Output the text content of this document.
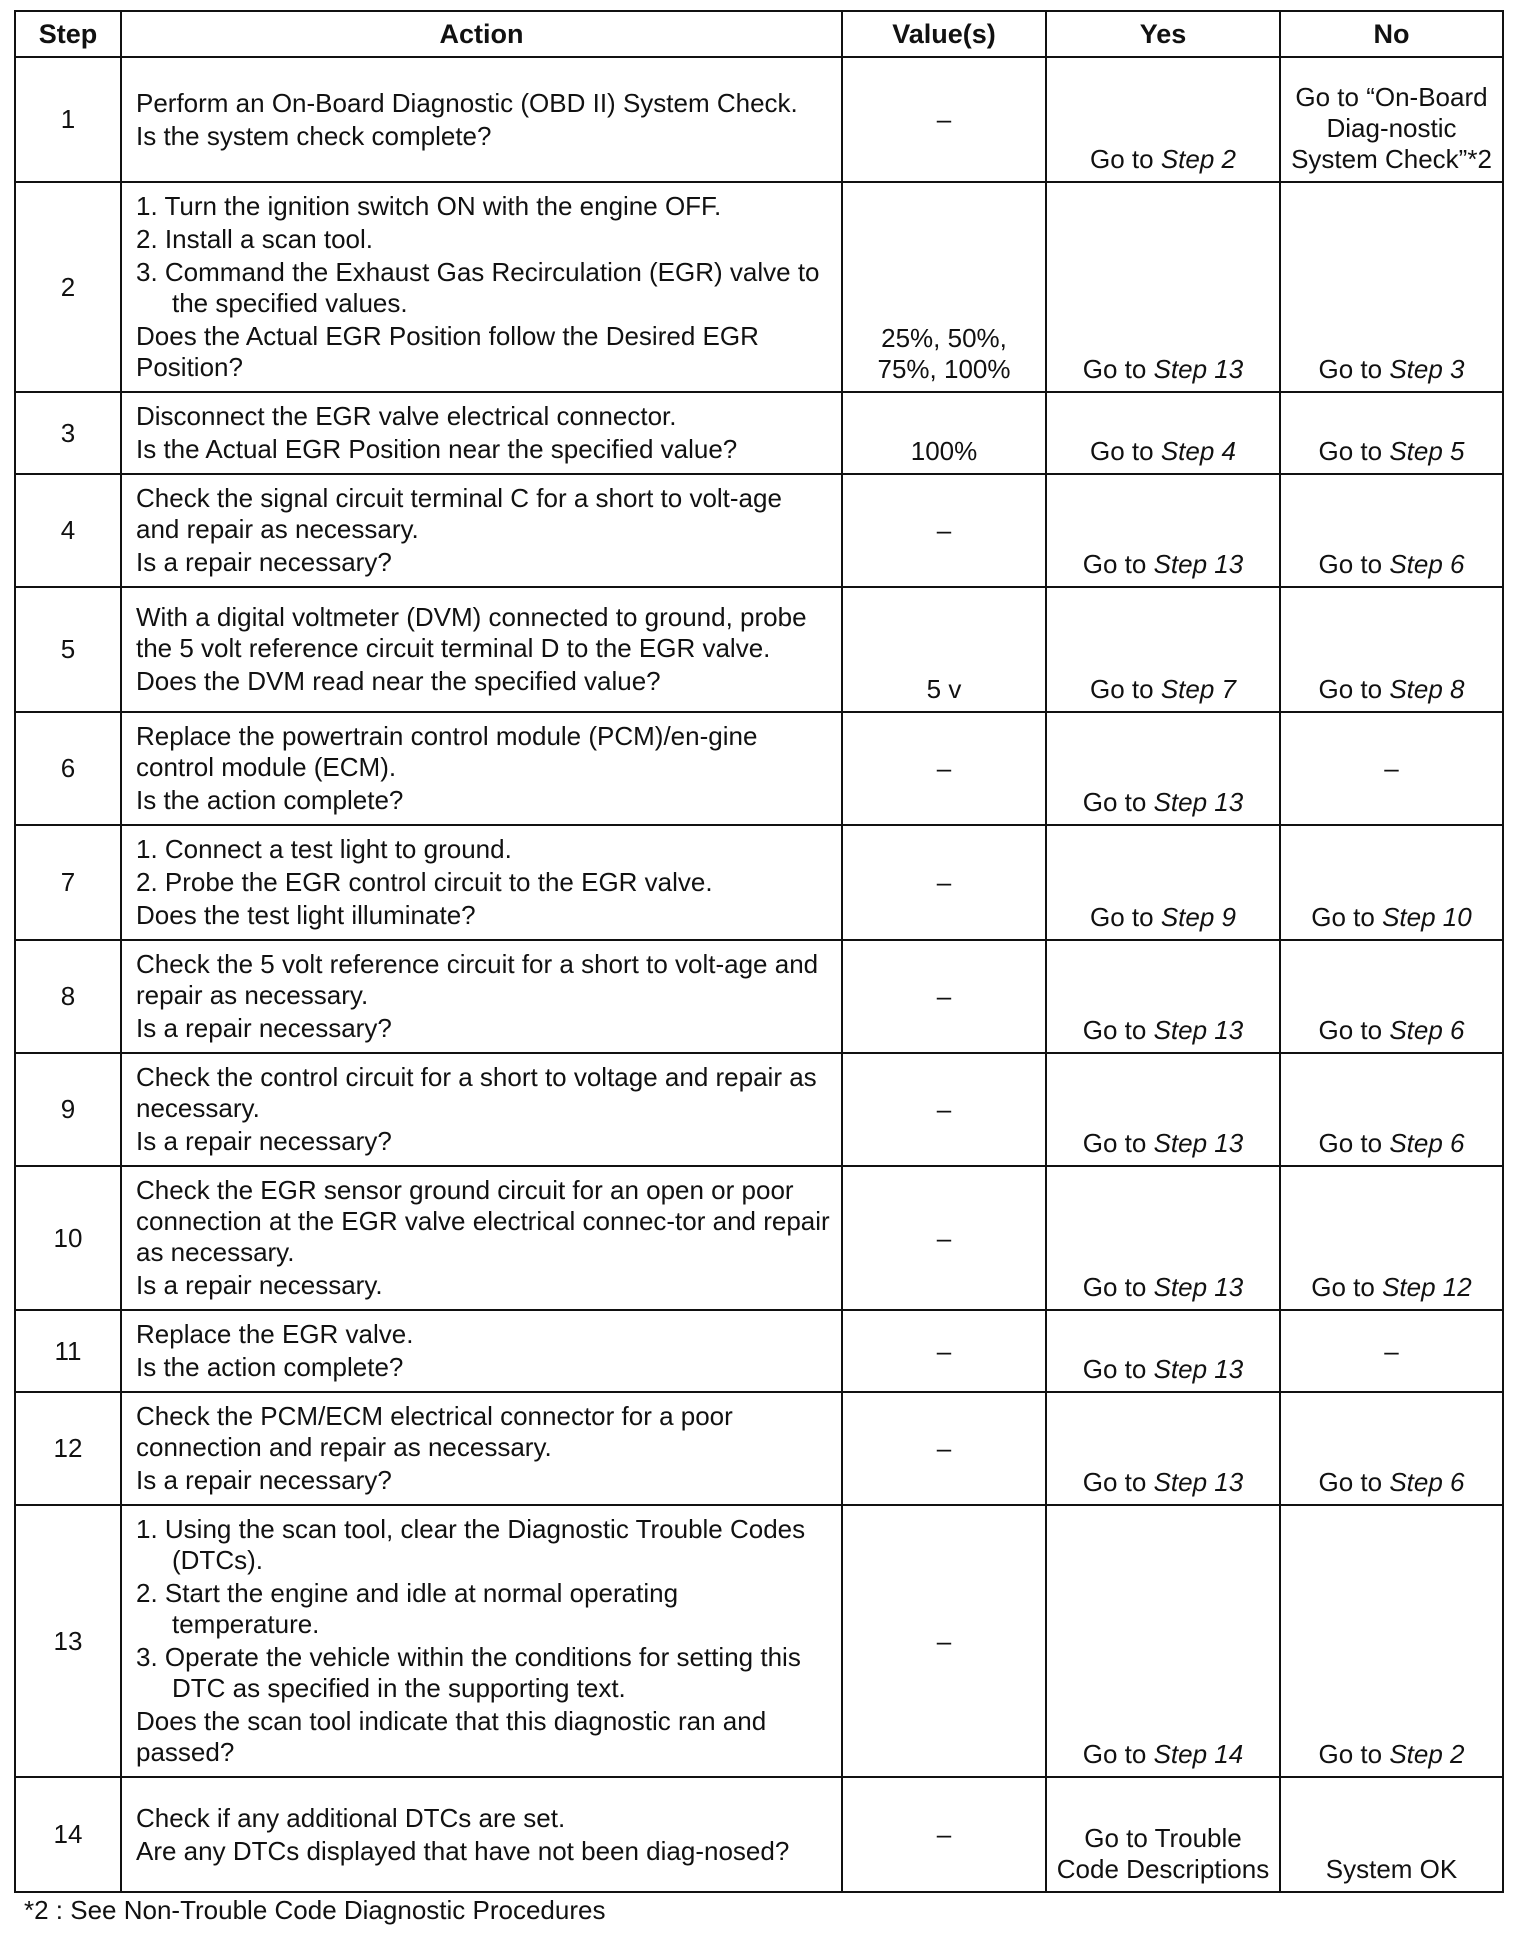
Step	Action	Value(s)	Yes	No
1	Perform an On-Board Diagnostic (OBD II) System Check.
Is the system check complete?	–	Go to Step 2	Go to “On-Board Diag-nostic System Check”*2
2	1. Turn the ignition switch ON with the engine OFF.
2. Install a scan tool.
3. Command the Exhaust Gas Recirculation (EGR) valve to the specified values.
Does the Actual EGR Position follow the Desired EGR Position?	25%, 50%, 75%, 100%	Go to Step 13	Go to Step 3
3	Disconnect the EGR valve electrical connector.
Is the Actual EGR Position near the specified value?	100%	Go to Step 4	Go to Step 5
4	Check the signal circuit terminal C for a short to volt-age and repair as necessary.
Is a repair necessary?	–	Go to Step 13	Go to Step 6
5	With a digital voltmeter (DVM) connected to ground, probe the 5 volt reference circuit terminal D to the EGR valve.
Does the DVM read near the specified value?	5 v	Go to Step 7	Go to Step 8
6	Replace the powertrain control module (PCM)/en-gine control module (ECM).
Is the action complete?	–	Go to Step 13	–
7	1. Connect a test light to ground.
2. Probe the EGR control circuit to the EGR valve.
Does the test light illuminate?	–	Go to Step 9	Go to Step 10
8	Check the 5 volt reference circuit for a short to volt-age and repair as necessary.
Is a repair necessary?	–	Go to Step 13	Go to Step 6
9	Check the control circuit for a short to voltage and repair as necessary.
Is a repair necessary?	–	Go to Step 13	Go to Step 6
10	Check the EGR sensor ground circuit for an open or poor connection at the EGR valve electrical connec-tor and repair as necessary.
Is a repair necessary.	–	Go to Step 13	Go to Step 12
11	Replace the EGR valve.
Is the action complete?	–	Go to Step 13	–
12	Check the PCM/ECM electrical connector for a poor connection and repair as necessary.
Is a repair necessary?	–	Go to Step 13	Go to Step 6
13	1. Using the scan tool, clear the Diagnostic Trouble Codes (DTCs).
2. Start the engine and idle at normal operating temperature.
3. Operate the vehicle within the conditions for setting this DTC as specified in the supporting text.
Does the scan tool indicate that this diagnostic ran and passed?	–	Go to Step 14	Go to Step 2
14	Check if any additional DTCs are set.
Are any DTCs displayed that have not been diag-nosed?	–	Go to Trouble Code Descriptions	System OK
*2 : See Non-Trouble Code Diagnostic Procedures
